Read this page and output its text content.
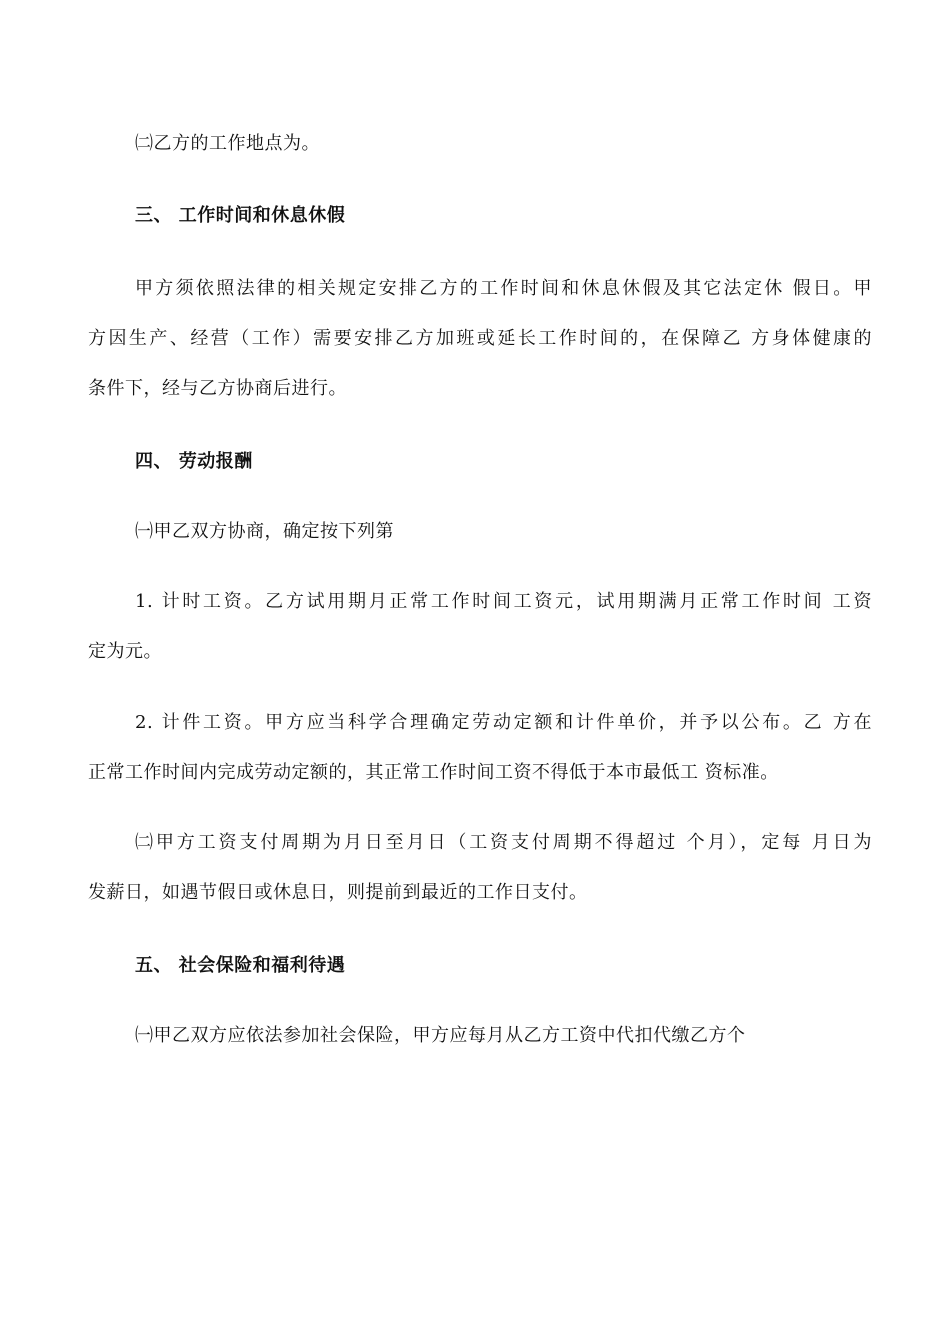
㈡乙方的工作地点为。
三、 工作时间和休息休假
甲方须依照法律的相关规定安排乙方的工作时间和休息休假及其它法定休 假日。甲
方因生产、经营（工作）需要安排乙方加班或延长工作时间的，在保障乙 方身体健康的
条件下，经与乙方协商后进行。
四、 劳动报酬
㈠甲乙双方协商，确定按下列第
1. 计时工资。乙方试用期月正常工作时间工资元，试用期满月正常工作时间 工资
定为元。
2. 计件工资。甲方应当科学合理确定劳动定额和计件单价，并予以公布。乙 方在
正常工作时间内完成劳动定额的，其正常工作时间工资不得低于本市最低工 资标准。
㈡甲方工资支付周期为月日至月日（工资支付周期不得超过 个月），定每 月日为
发薪日，如遇节假日或休息日，则提前到最近的工作日支付。
五、 社会保险和福利待遇
㈠甲乙双方应依法参加社会保险，甲方应每月从乙方工资中代扣代缴乙方个
